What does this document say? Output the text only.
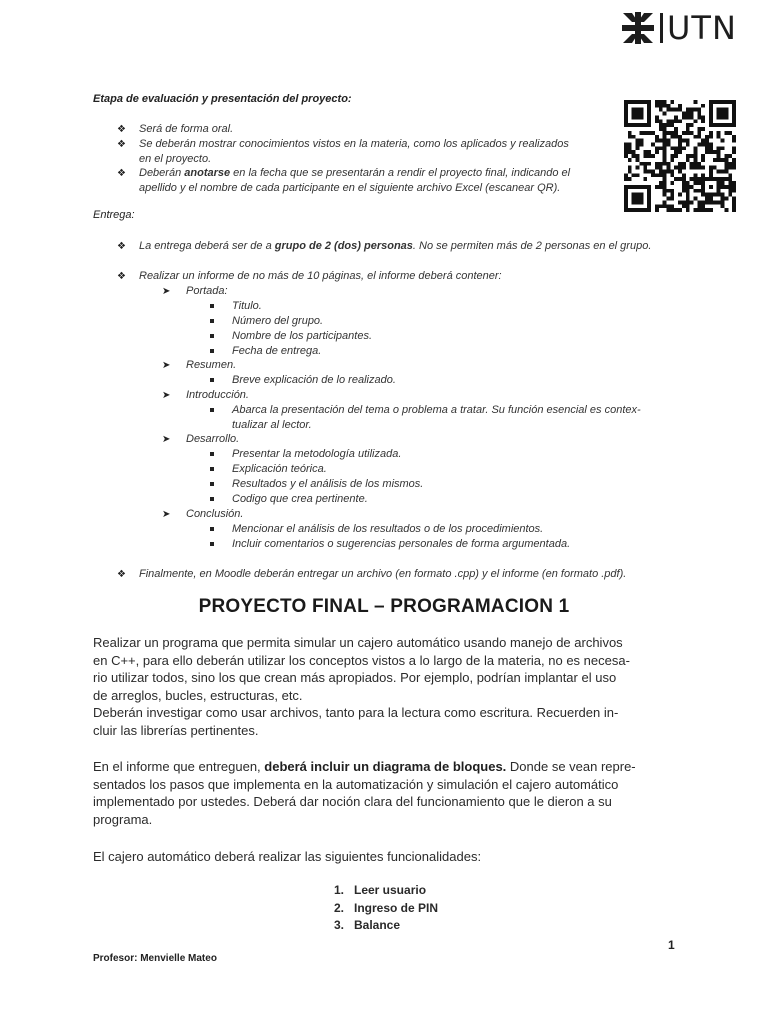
UTN
Etapa de evaluación y presentación del proyecto:
❖ Será de forma oral.
❖ Se deberán mostrar conocimientos vistos en la materia, como los aplicados y realizados
en el proyecto.
❖ Deberán anotarse en la fecha que se presentarán a rendir el proyecto final, indicando el
apellido y el nombre de cada participante en el siguiente archivo Excel (escanear QR).
Entrega:
❖ La entrega deberá ser de a grupo de 2 (dos) personas. No se permiten más de 2 personas en el grupo.
❖ Realizar un informe de no más de 10 páginas, el informe deberá contener:
➤ Portada:
Titulo.
Número del grupo.
Nombre de los participantes.
Fecha de entrega.
➤ Resumen.
Breve explicación de lo realizado.
➤ Introducción.
Abarca la presentación del tema o problema a tratar. Su función esencial es contex-
tualizar al lector.
➤ Desarrollo.
Presentar la metodología utilizada.
Explicación teórica.
Resultados y el análisis de los mismos.
Codigo que crea pertinente.
➤ Conclusión.
Mencionar el análisis de los resultados o de los procedimientos.
Incluir comentarios o sugerencias personales de forma argumentada.
❖ Finalmente, en Moodle deberán entregar un archivo (en formato .cpp) y el informe (en formato .pdf).
PROYECTO FINAL – PROGRAMACION 1
Realizar un programa que permita simular un cajero automático usando manejo de archivos
en C++, para ello deberán utilizar los conceptos vistos a lo largo de la materia, no es necesa-
rio utilizar todos, sino los que crean más apropiados. Por ejemplo, podrían implantar el uso
de arreglos, bucles, estructuras, etc.
Deberán investigar como usar archivos, tanto para la lectura como escritura. Recuerden in-
cluir las librerías pertinentes.
En el informe que entreguen, deberá incluir un diagrama de bloques. Donde se vean repre-
sentados los pasos que implementa en la automatización y simulación el cajero automático
implementado por ustedes. Deberá dar noción clara del funcionamiento que le dieron a su
programa.
El cajero automático deberá realizar las siguientes funcionalidades:
1. Leer usuario
2. Ingreso de PIN
3. Balance
1
Profesor: Menvielle Mateo
